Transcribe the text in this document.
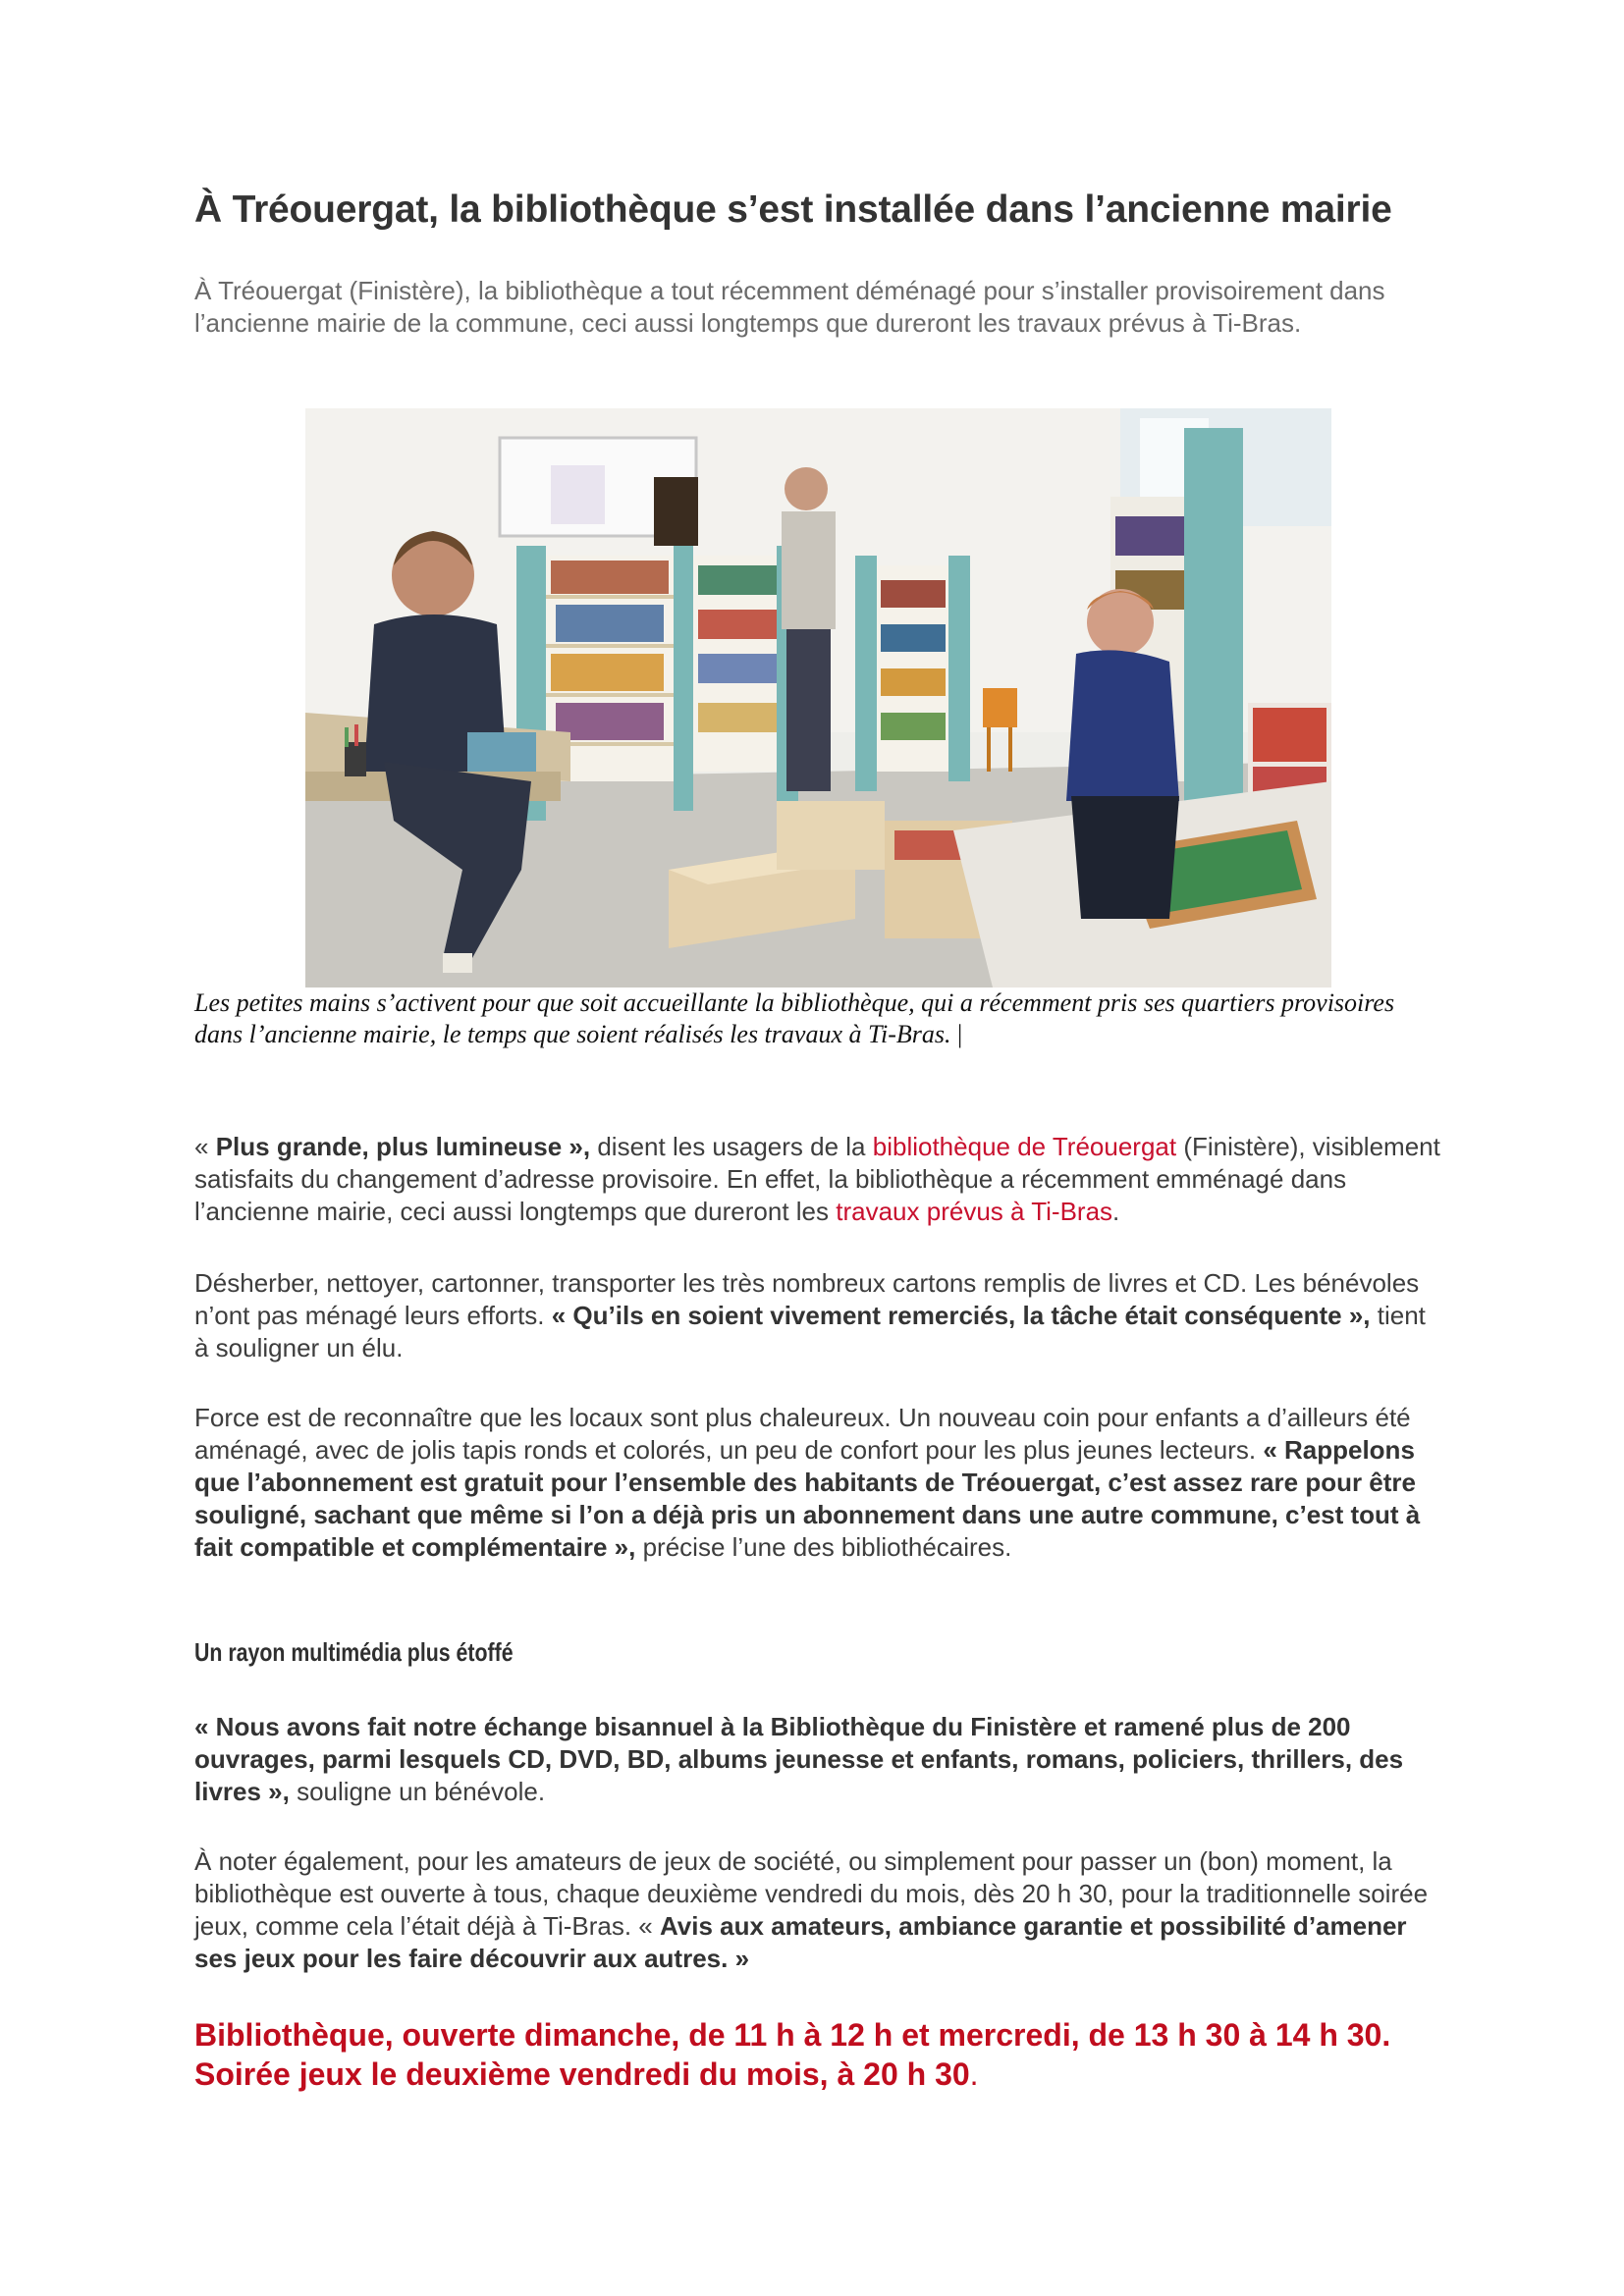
À Tréouergat, la bibliothèque s’est installée dans l’ancienne mairie

À Tréouergat (Finistère), la bibliothèque a tout récemment déménagé pour s’installer provisoirement dans l’ancienne mairie de la commune, ceci aussi longtemps que dureront les travaux prévus à Ti-Bras.

Les petites mains s’activent pour que soit accueillante la bibliothèque, qui a récemment pris ses quartiers provisoires dans l’ancienne mairie, le temps que soient réalisés les travaux à Ti-Bras. |

« Plus grande, plus lumineuse », disent les usagers de la bibliothèque de Tréouergat (Finistère), visiblement satisfaits du changement d’adresse provisoire. En effet, la bibliothèque a récemment emménagé dans l’ancienne mairie, ceci aussi longtemps que dureront les travaux prévus à Ti-Bras.

Désherber, nettoyer, cartonner, transporter les très nombreux cartons remplis de livres et CD. Les bénévoles n’ont pas ménagé leurs efforts. « Qu’ils en soient vivement remerciés, la tâche était conséquente », tient à souligner un élu.

Force est de reconnaître que les locaux sont plus chaleureux. Un nouveau coin pour enfants a d’ailleurs été aménagé, avec de jolis tapis ronds et colorés, un peu de confort pour les plus jeunes lecteurs. « Rappelons que l’abonnement est gratuit pour l’ensemble des habitants de Tréouergat, c’est assez rare pour être souligné, sachant que même si l’on a déjà pris un abonnement dans une autre commune, c’est tout à fait compatible et complémentaire », précise l’une des bibliothécaires.

Un rayon multimédia plus étoffé

« Nous avons fait notre échange bisannuel à la Bibliothèque du Finistère et ramené plus de 200 ouvrages, parmi lesquels CD, DVD, BD, albums jeunesse et enfants, romans, policiers, thrillers, des livres », souligne un bénévole.

À noter également, pour les amateurs de jeux de société, ou simplement pour passer un (bon) moment, la bibliothèque est ouverte à tous, chaque deuxième vendredi du mois, dès 20 h 30, pour la traditionnelle soirée jeux, comme cela l’était déjà à Ti-Bras. « Avis aux amateurs, ambiance garantie et possibilité d’amener ses jeux pour les faire découvrir aux autres. »

Bibliothèque, ouverte dimanche, de 11 h à 12 h et mercredi, de 13 h 30 à 14 h 30. Soirée jeux le deuxième vendredi du mois, à 20 h 30.
